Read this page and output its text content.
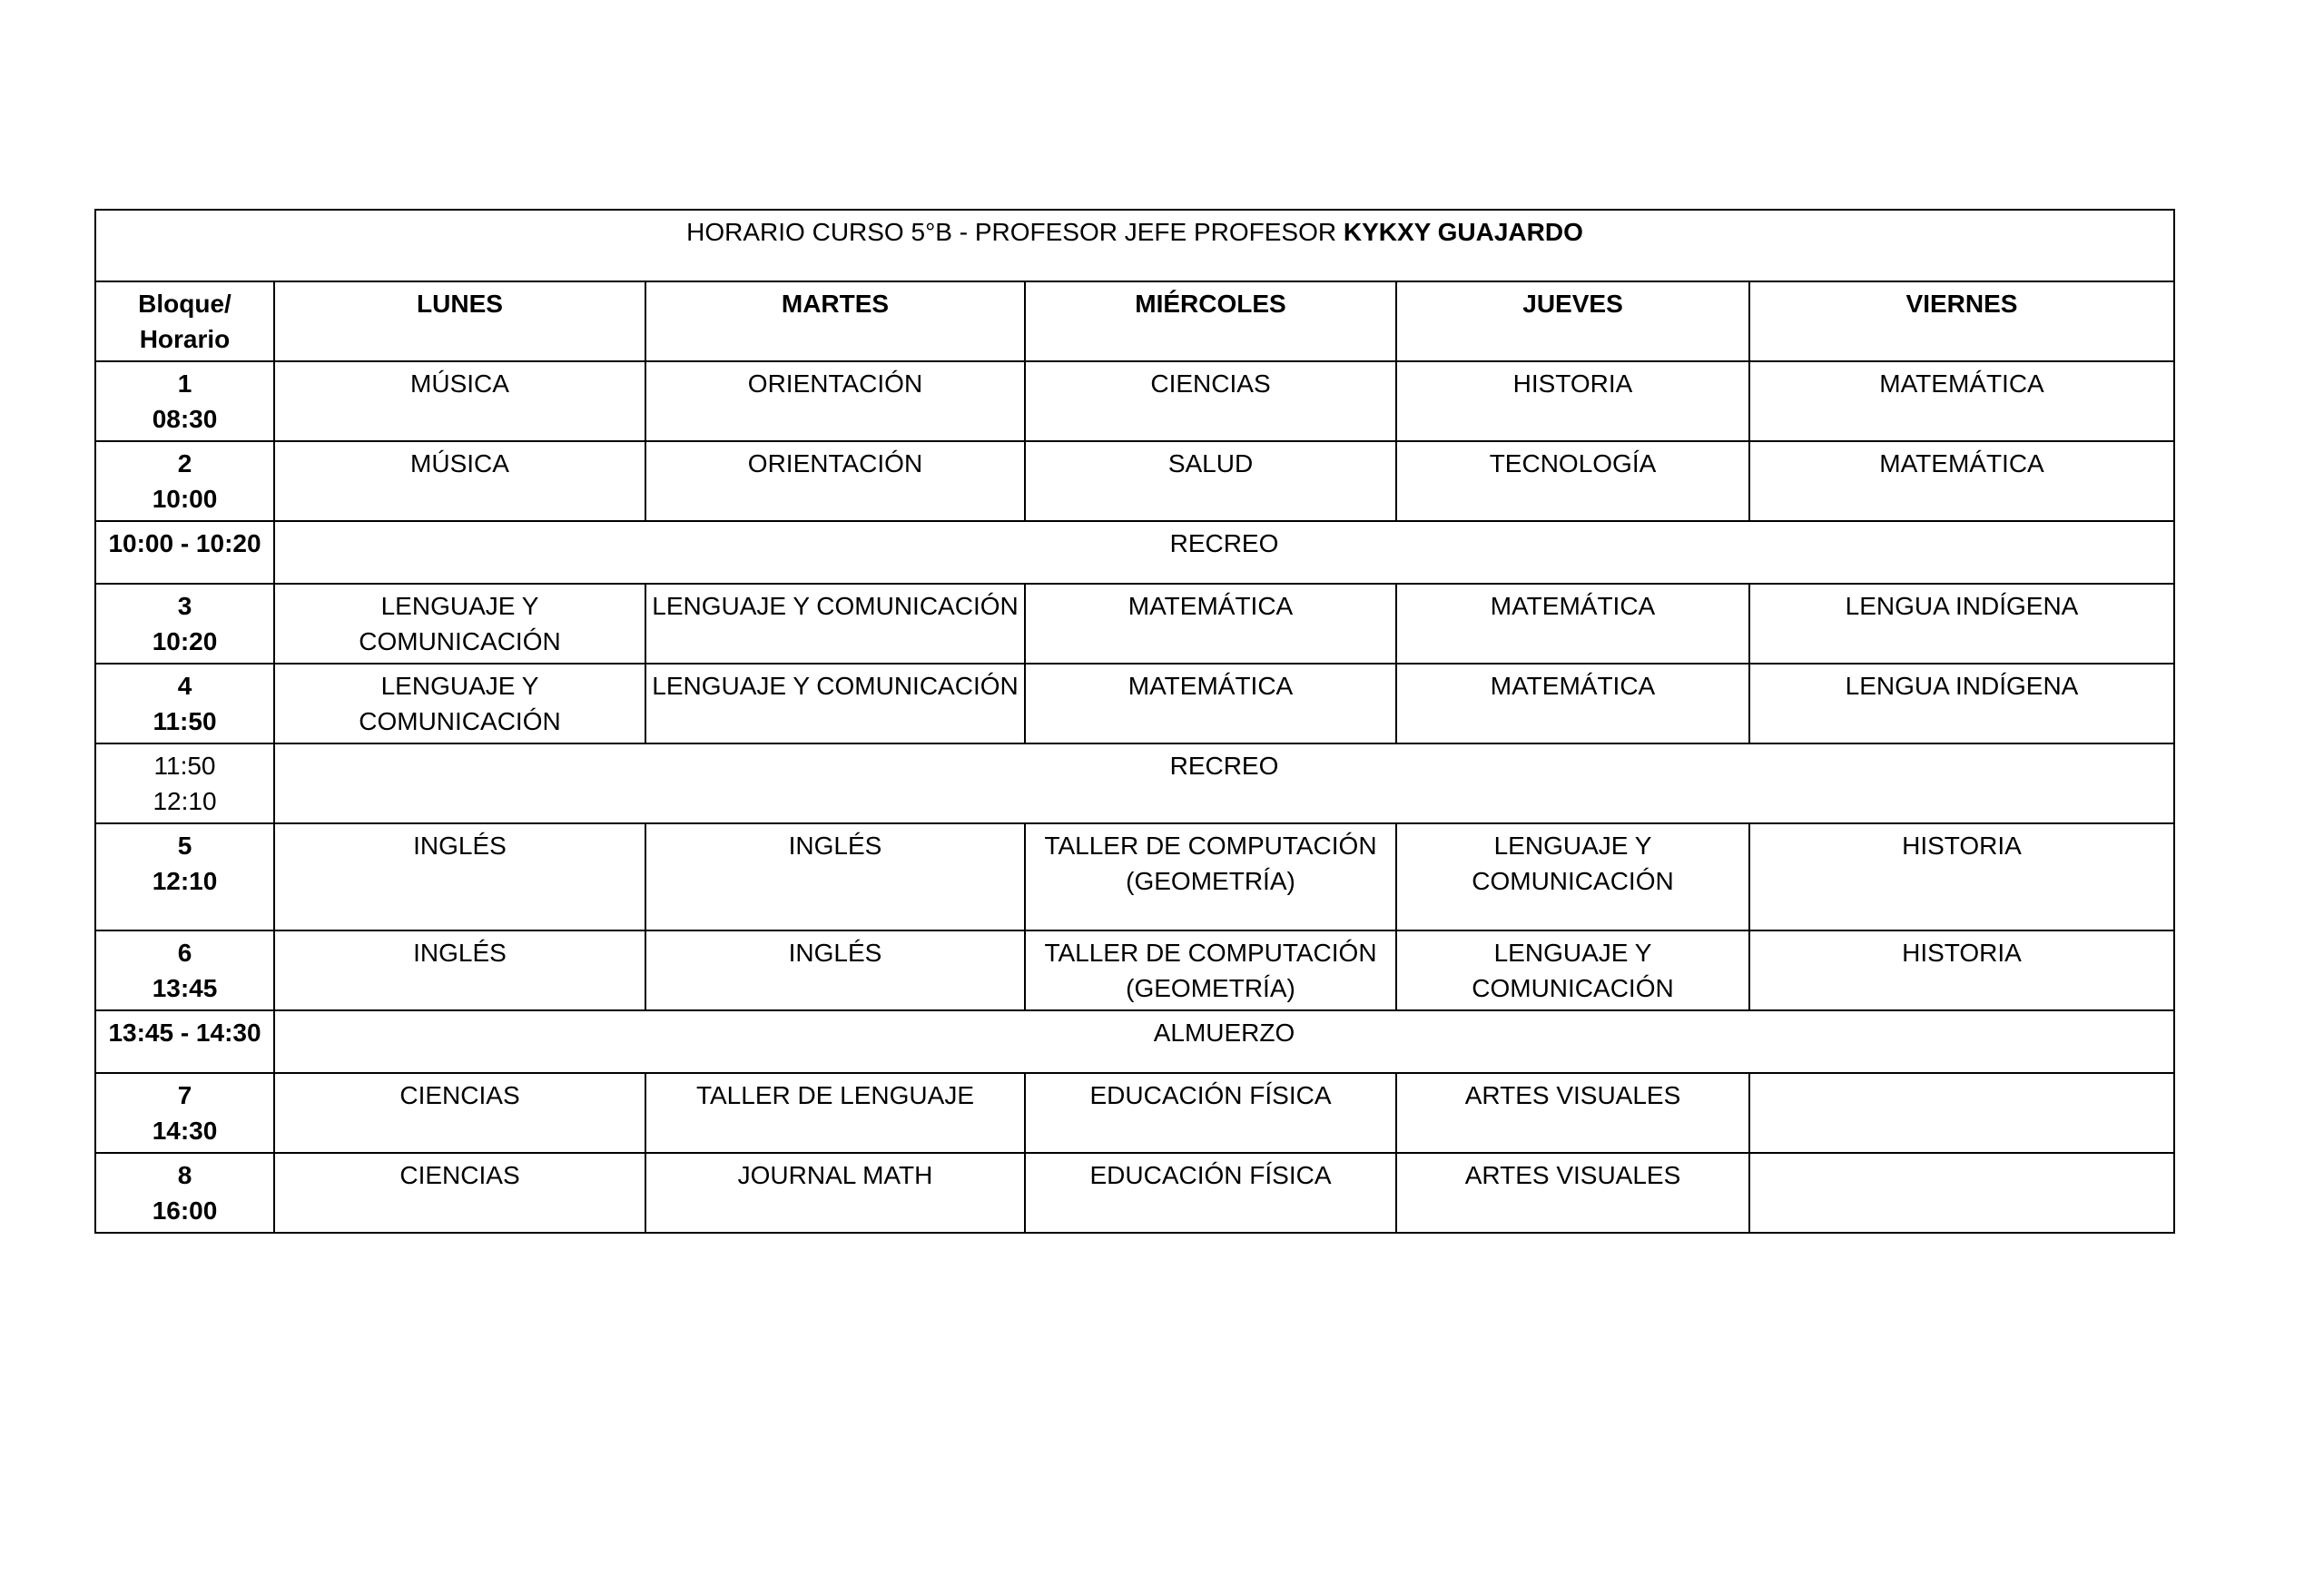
HORARIO CURSO 5°B - PROFESOR JEFE PROFESOR KYKXY GUAJARDO					

Bloque/
Horario	LUNES	MARTES	MIÉRCOLES	JUEVES	VIERNES

1
08:30	MÚSICA	ORIENTACIÓN	CIENCIAS	HISTORIA	MATEMÁTICA

2
10:00	MÚSICA	ORIENTACIÓN	SALUD	TECNOLOGÍA	MATEMÁTICA
10:00 - 10:20	RECREO				

3
10:20	LENGUAJE Y COMUNICACIÓN	LENGUAJE Y COMUNICACIÓN	MATEMÁTICA	MATEMÁTICA	LENGUA INDÍGENA

4
11:50	LENGUAJE Y COMUNICACIÓN	LENGUAJE Y COMUNICACIÓN	MATEMÁTICA	MATEMÁTICA	LENGUA INDÍGENA

11:50
12:10	RECREO				

5
12:10	INGLÉS	INGLÉS	TALLER DE COMPUTACIÓN (GEOMETRÍA)	LENGUAJE Y COMUNICACIÓN	HISTORIA

6
13:45	INGLÉS	INGLÉS	TALLER DE COMPUTACIÓN (GEOMETRÍA)	LENGUAJE Y COMUNICACIÓN	HISTORIA
13:45 - 14:30	ALMUERZO				

7
14:30	CIENCIAS	TALLER DE LENGUAJE	EDUCACIÓN FÍSICA	ARTES VISUALES	

8
16:00	CIENCIAS	JOURNAL MATH	EDUCACIÓN FÍSICA	ARTES VISUALES	
